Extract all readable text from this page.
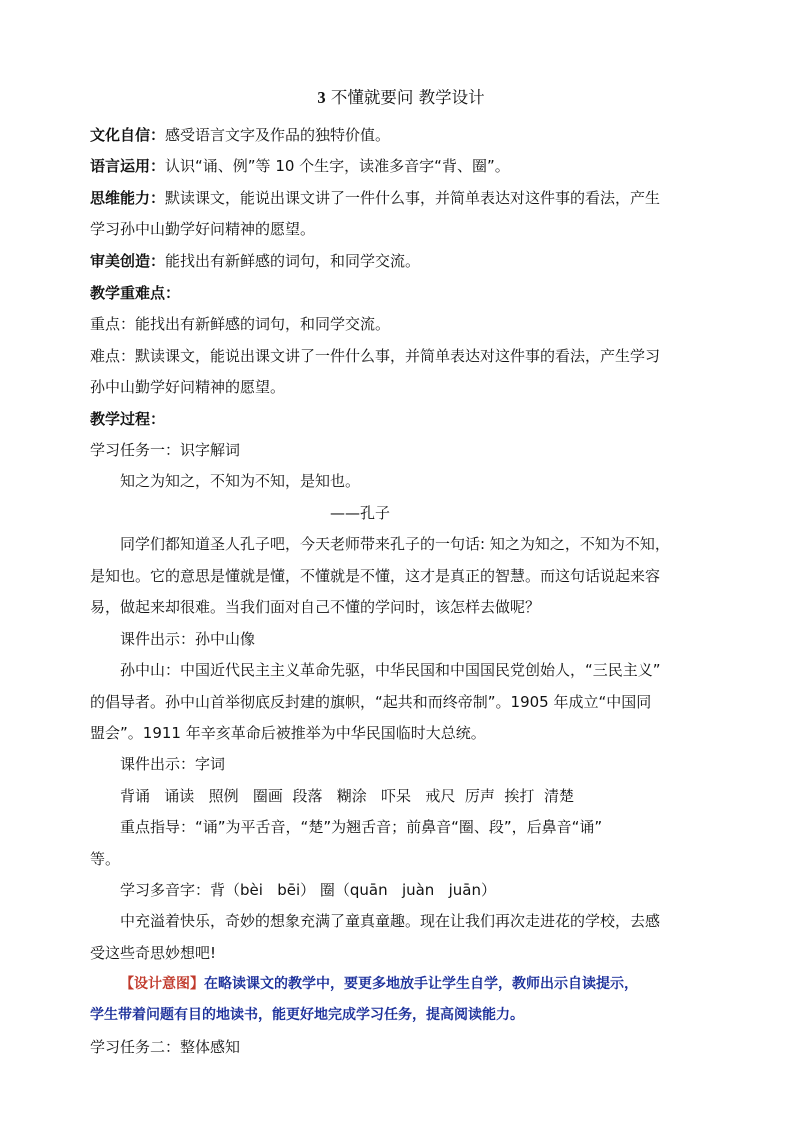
3 不懂就要问 教学设计
文化自信：感受语言文字及作品的独特价值。
语言运用：认识“诵、例”等 10 个生字，读准多音字“背、圈”。
思维能力：默读课文，能说出课文讲了一件什么事，并简单表达对这件事的看法，产生
学习孙中山勤学好问精神的愿望。
审美创造：能找出有新鲜感的词句，和同学交流。
教学重难点：
重点：能找出有新鲜感的词句，和同学交流。
难点：默读课文，能说出课文讲了一件什么事，并简单表达对这件事的看法，产生学习
孙中山勤学好问精神的愿望。
教学过程：
学习任务一：识字解词
知之为知之，不知为不知，是知也。
——孔子
同学们都知道圣人孔子吧，今天老师带来孔子的一句话: 知之为知之，不知为不知，
是知也。它的意思是懂就是懂，不懂就是不懂，这才是真正的智慧。而这句话说起来容
易，做起来却很难。当我们面对自己不懂的学问时，该怎样去做呢？
课件出示：孙中山像
孙中山：中国近代民主主义革命先驱，中华民国和中国国民党创始人，“三民主义”
的倡导者。孙中山首举彻底反封建的旗帜，“起共和而终帝制”。1905 年成立“中国同
盟会”。1911 年辛亥革命后被推举为中华民国临时大总统。
课件出示：字词
背诵   诵读   照例   圈画  段落   糊涂   吓呆   戒尺  厉声  挨打  清楚
重点指导：“诵”为平舌音，“楚”为翘舌音；前鼻音“圈、段”，后鼻音“诵”
等。
学习多音字：背（bèi   bēi） 圈（quān   juàn   juān）
中充溢着快乐，奇妙的想象充满了童真童趣。现在让我们再次走进花的学校，去感
受这些奇思妙想吧!
【设计意图】在略读课文的教学中，要更多地放手让学生自学，教师出示自读提示，
学生带着问题有目的地读书，能更好地完成学习任务，提高阅读能力。
学习任务二：整体感知
